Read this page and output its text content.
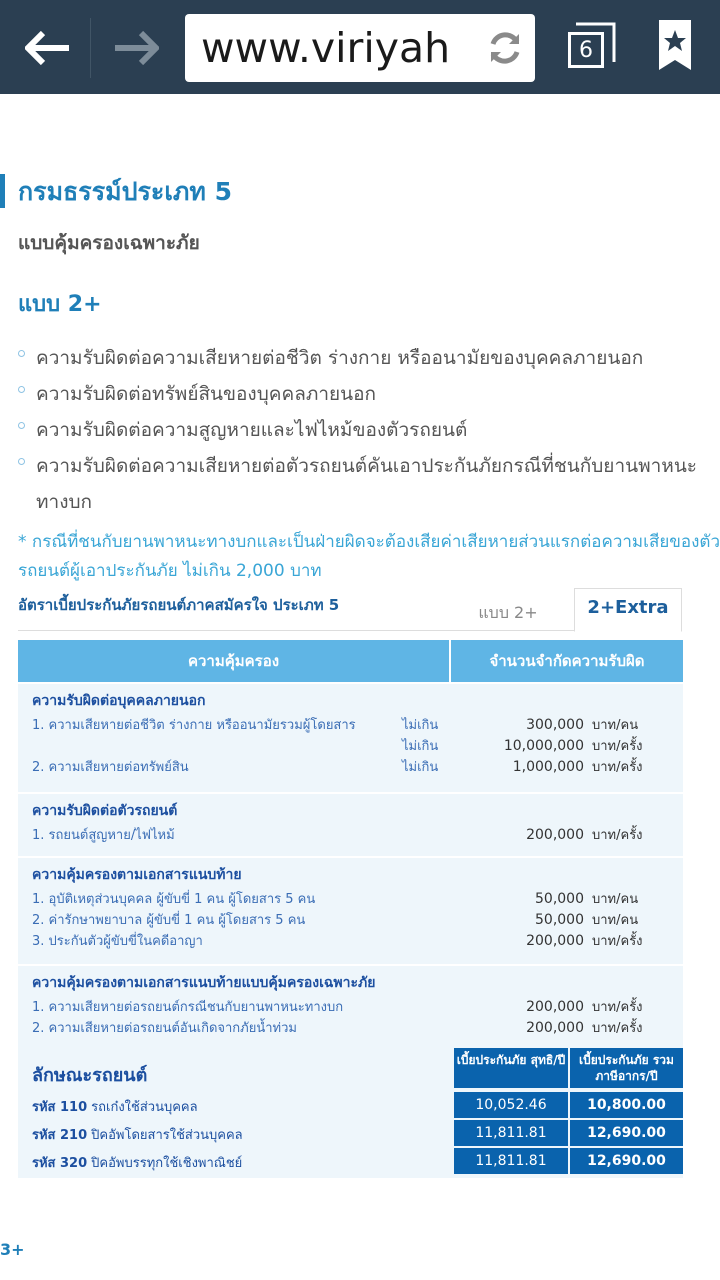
www.viriyah	6
กรมธรรม์ประเภท 5
แบบคุ้มครองเฉพาะภัย
แบบ 2+
ความรับผิดต่อความเสียหายต่อชีวิต ร่างกาย หรืออนามัยของบุคคลภายนอก
ความรับผิดต่อทรัพย์สินของบุคคลภายนอก
ความรับผิดต่อความสูญหายและไฟไหม้ของตัวรถยนต์
ความรับผิดต่อความเสียหายต่อตัวรถยนต์คันเอาประกันภัยกรณีที่ชนกับยานพาหนะทางบก
* กรณีที่ชนกับยานพาหนะทางบกและเป็นฝ่ายผิดจะต้องเสียค่าเสียหายส่วนแรกต่อความเสียของตัวรถยนต์ผู้เอาประกันภัย ไม่เกิน 2,000 บาท
อัตราเบี้ยประกันภัยรถยนต์ภาคสมัครใจ ประเภท 5	แบบ 2+	2+Extra
ความคุ้มครอง	จำนวนจำกัดความรับผิด
ความรับผิดต่อบุคคลภายนอก
1. ความเสียหายต่อชีวิต ร่างกาย หรืออนามัยรวมผู้โดยสาร	ไม่เกิน	300,000 บาท/คน
ไม่เกิน	10,000,000 บาท/ครั้ง
2. ความเสียหายต่อทรัพย์สิน	ไม่เกิน	1,000,000 บาท/ครั้ง
ความรับผิดต่อตัวรถยนต์
1. รถยนต์สูญหาย/ไฟไหม้	200,000 บาท/ครั้ง
ความคุ้มครองตามเอกสารแนบท้าย
1. อุบัติเหตุส่วนบุคคล ผู้ขับขี่ 1 คน ผู้โดยสาร 5 คน	50,000 บาท/คน
2. ค่ารักษาพยาบาล ผู้ขับขี่ 1 คน ผู้โดยสาร 5 คน	50,000 บาท/คน
3. ประกันตัวผู้ขับขี่ในคดีอาญา	200,000 บาท/ครั้ง
ความคุ้มครองตามเอกสารแนบท้ายแบบคุ้มครองเฉพาะภัย
1. ความเสียหายต่อรถยนต์กรณีชนกับยานพาหนะทางบก	200,000 บาท/ครั้ง
2. ความเสียหายต่อรถยนต์อันเกิดจากภัยน้ำท่วม	200,000 บาท/ครั้ง
ลักษณะรถยนต์
เบี้ยประกันภัย สุทธิ/ปี	เบี้ยประกันภัย รวมภาษีอากร/ปี
รหัส 110 รถเก๋งใช้ส่วนบุคคล	10,052.46	10,800.00
รหัส 210 ปิคอัพโดยสารใช้ส่วนบุคคล	11,811.81	12,690.00
รหัส 320 ปิคอัพบรรทุกใช้เชิงพาณิชย์	11,811.81	12,690.00
3+
